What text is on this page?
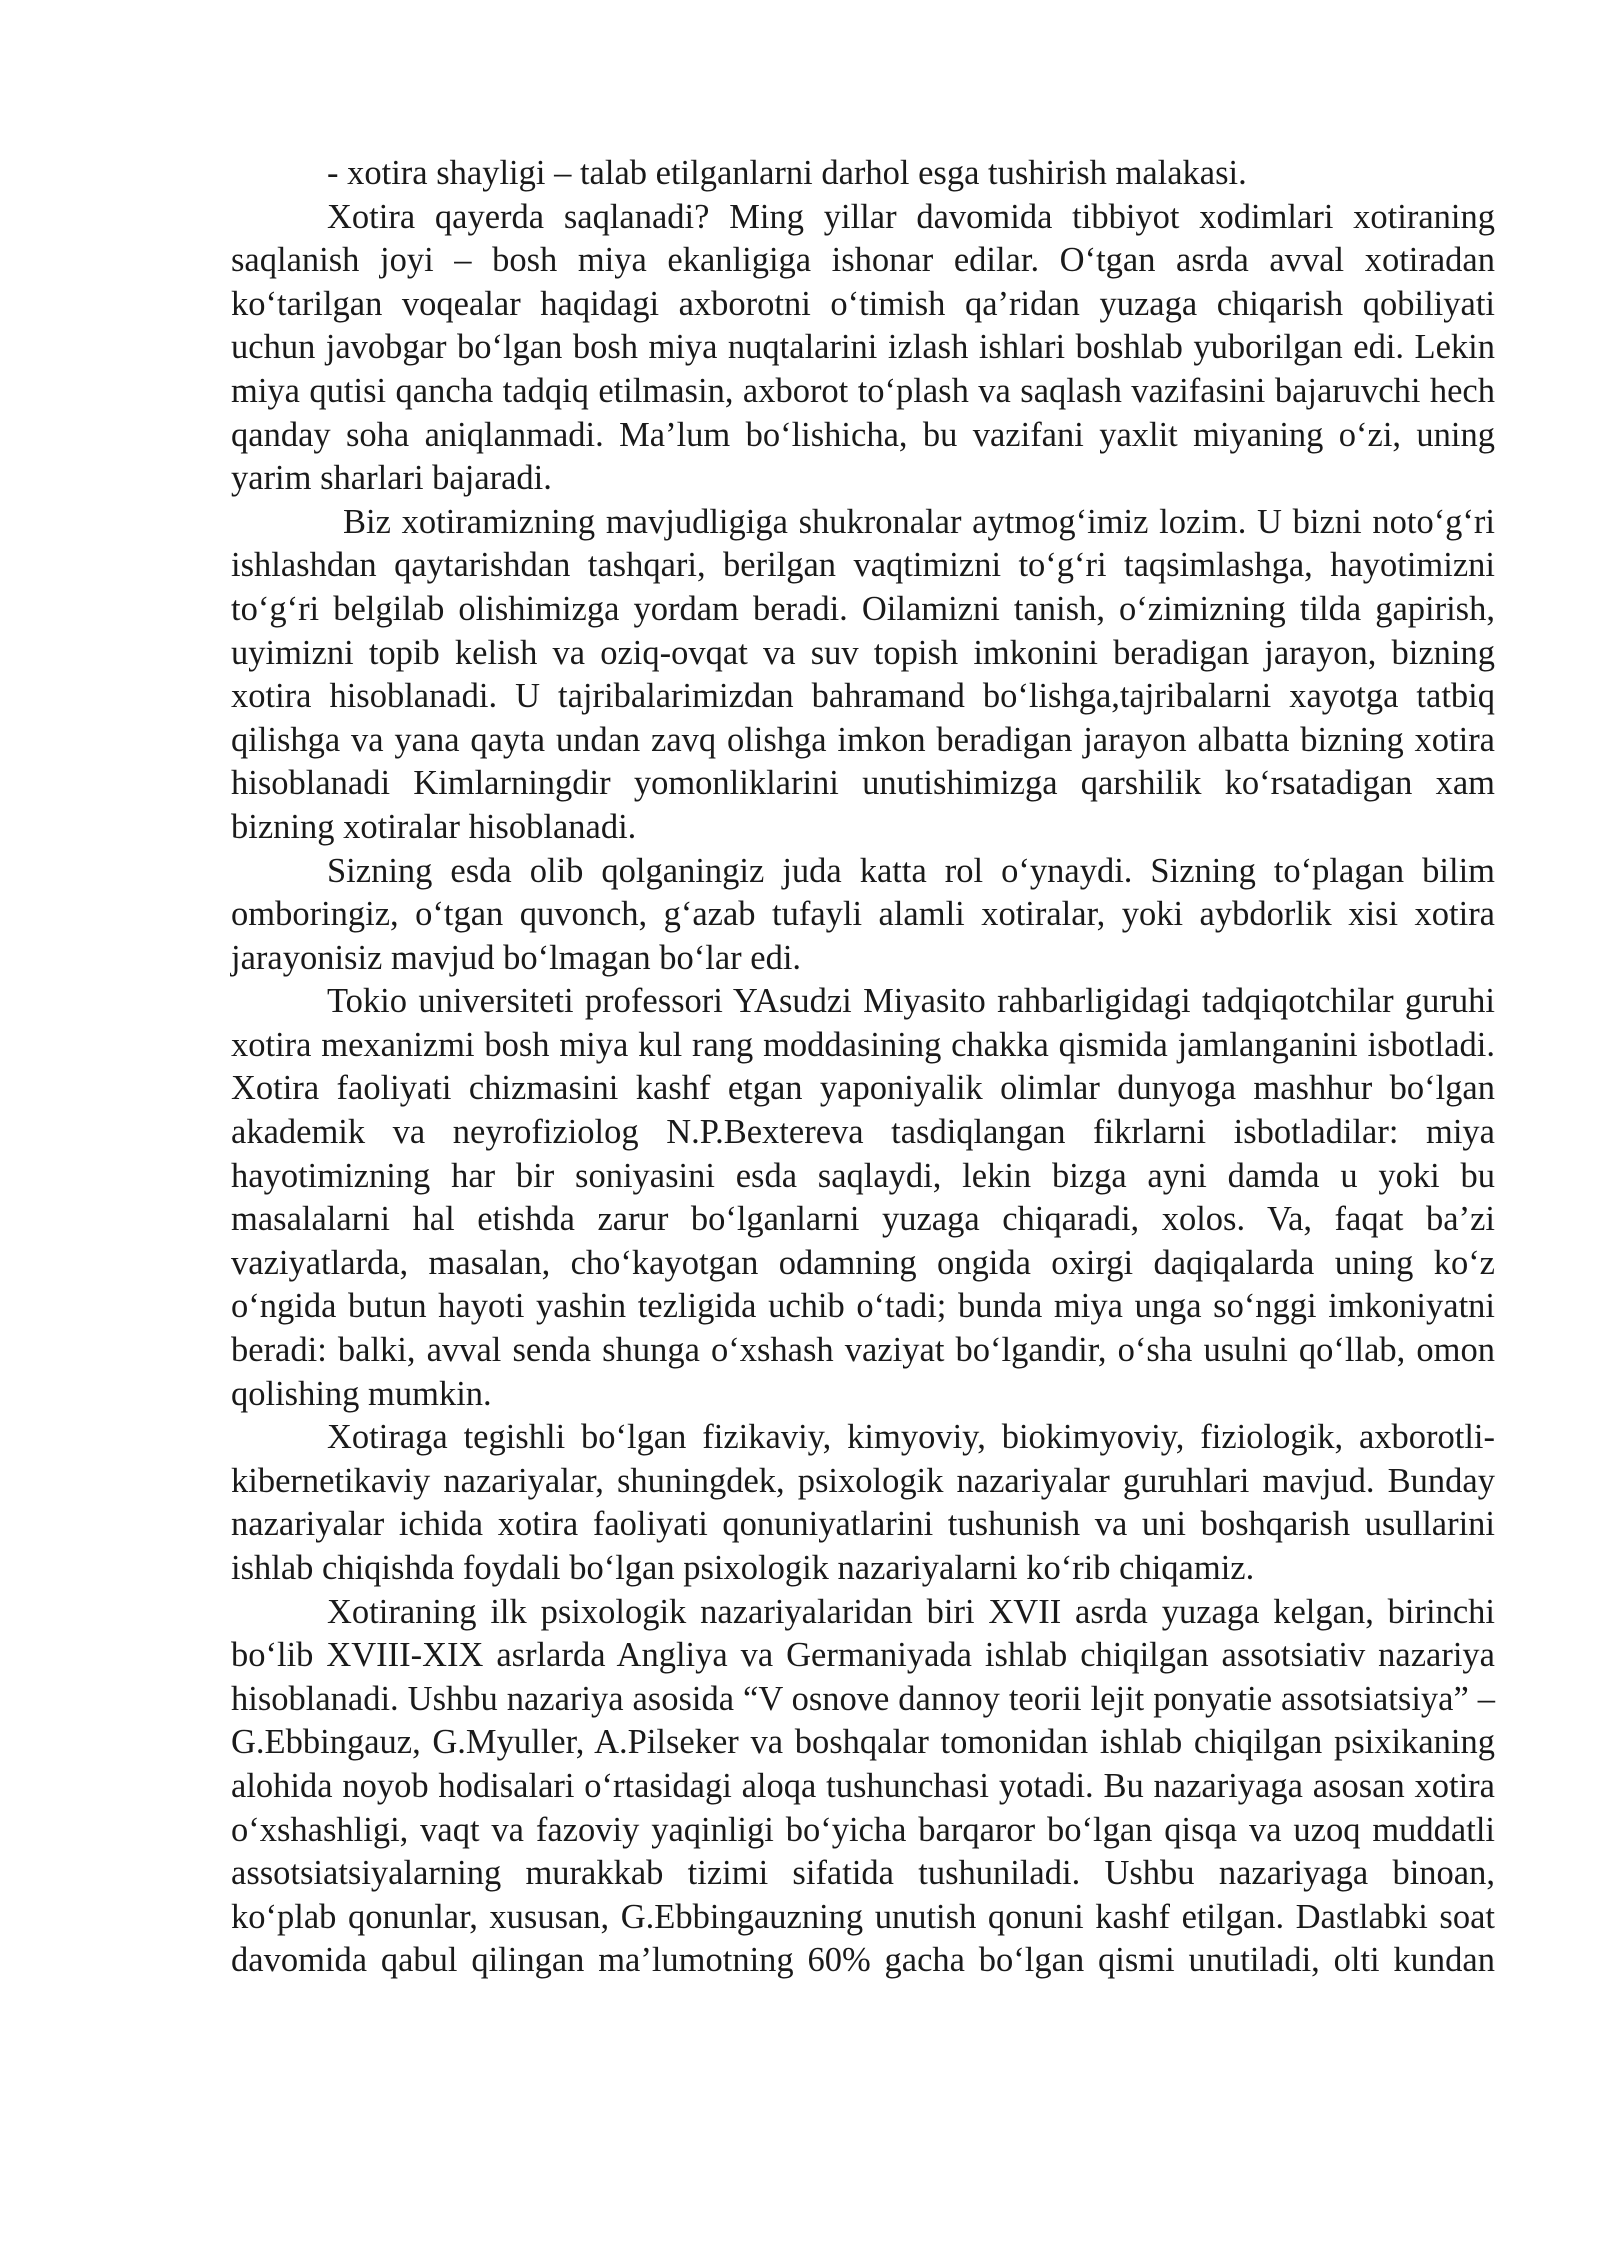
- xotira shayligi – talab etilganlarni darhol esga tushirish malakasi.

Xotira qayerda saqlanadi? Ming yillar davomida tibbiyot xodimlari xotiraning saqlanish joyi – bosh miya ekanligiga ishonar edilar. O‘tgan asrda avval xotiradan ko‘tarilgan voqealar haqidagi axborotni o‘timish qa’ridan yuzaga chiqarish qobiliyati uchun javobgar bo‘lgan bosh miya nuqtalarini izlash ishlari boshlab yuborilgan edi. Lekin miya qutisi qancha tadqiq etilmasin, axborot to‘plash va saqlash vazifasini bajaruvchi hech qanday soha aniqlanmadi. Ma’lum bo‘lishicha, bu vazifani yaxlit miyaning o‘zi, uning yarim sharlari bajaradi.

Biz xotiramizning mavjudligiga shukronalar aytmog‘imiz lozim. U bizni noto‘g‘ri ishlashdan qaytarishdan tashqari, berilgan vaqtimizni to‘g‘ri taqsimlashga, hayotimizni to‘g‘ri belgilab olishimizga yordam beradi. Oilamizni tanish, o‘zimizning tilda gapirish, uyimizni topib kelish va oziq-ovqat va suv topish imkonini beradigan jarayon, bizning xotira hisoblanadi. U tajribalarimizdan bahramand bo‘lishga,tajribalarni xayotga tatbiq qilishga va yana qayta undan zavq olishga imkon beradigan jarayon albatta bizning xotira hisoblanadi Kimlarningdir yomonliklarini unutishimizga qarshilik ko‘rsatadigan xam bizning xotiralar hisoblanadi.

Sizning esda olib qolganingiz juda katta rol o‘ynaydi. Sizning to‘plagan bilim omboringiz, o‘tgan quvonch, g‘azab tufayli alamli xotiralar, yoki aybdorlik xisi xotira jarayonisiz mavjud bo‘lmagan bo‘lar edi.

Tokio universiteti professori YAsudzi Miyasito rahbarligidagi tadqiqotchilar guruhi xotira mexanizmi bosh miya kul rang moddasining chakka qismida jamlanganini isbotladi. Xotira faoliyati chizmasini kashf etgan yaponiyalik olimlar dunyoga mashhur bo‘lgan akademik va neyrofiziolog N.P.Bextereva tasdiqlangan fikrlarni isbotladilar: miya hayotimizning har bir soniyasini esda saqlaydi, lekin bizga ayni damda u yoki bu masalalarni hal etishda zarur bo‘lganlarni yuzaga chiqaradi, xolos. Va, faqat ba’zi vaziyatlarda, masalan, cho‘kayotgan odamning ongida oxirgi daqiqalarda uning ko‘z o‘ngida butun hayoti yashin tezligida uchib o‘tadi; bunda miya unga so‘nggi imkoniyatni beradi: balki, avval senda shunga o‘xshash vaziyat bo‘lgandir, o‘sha usulni qo‘llab, omon qolishing mumkin.

Xotiraga tegishli bo‘lgan fizikaviy, kimyoviy, biokimyoviy, fiziologik, axborotli-kibernetikaviy nazariyalar, shuningdek, psixologik nazariyalar guruhlari mavjud. Bunday nazariyalar ichida xotira faoliyati qonuniyatlarini tushunish va uni boshqarish usullarini ishlab chiqishda foydali bo‘lgan psixologik nazariyalarni ko‘rib chiqamiz.

Xotiraning ilk psixologik nazariyalaridan biri XVII asrda yuzaga kelgan, birinchi bo‘lib XVIII-XIX asrlarda Angliya va Germaniyada ishlab chiqilgan assotsiativ nazariya hisoblanadi. Ushbu nazariya asosida “V osnove dannoy teorii lejit ponyatie assotsiatsiya” – G.Ebbingauz, G.Myuller, A.Pilseker va boshqalar tomonidan ishlab chiqilgan psixikaning alohida noyob hodisalari o‘rtasidagi aloqa tushunchasi yotadi. Bu nazariyaga asosan xotira o‘xshashligi, vaqt va fazoviy yaqinligi bo‘yicha barqaror bo‘lgan qisqa va uzoq muddatli assotsiatsiyalarning murakkab tizimi sifatida tushuniladi. Ushbu nazariyaga binoan, ko‘plab qonunlar, xususan, G.Ebbingauzning unutish qonuni kashf etilgan. Dastlabki soat davomida qabul qilingan ma’lumotning 60% gacha bo‘lgan qismi unutiladi, olti kundan
